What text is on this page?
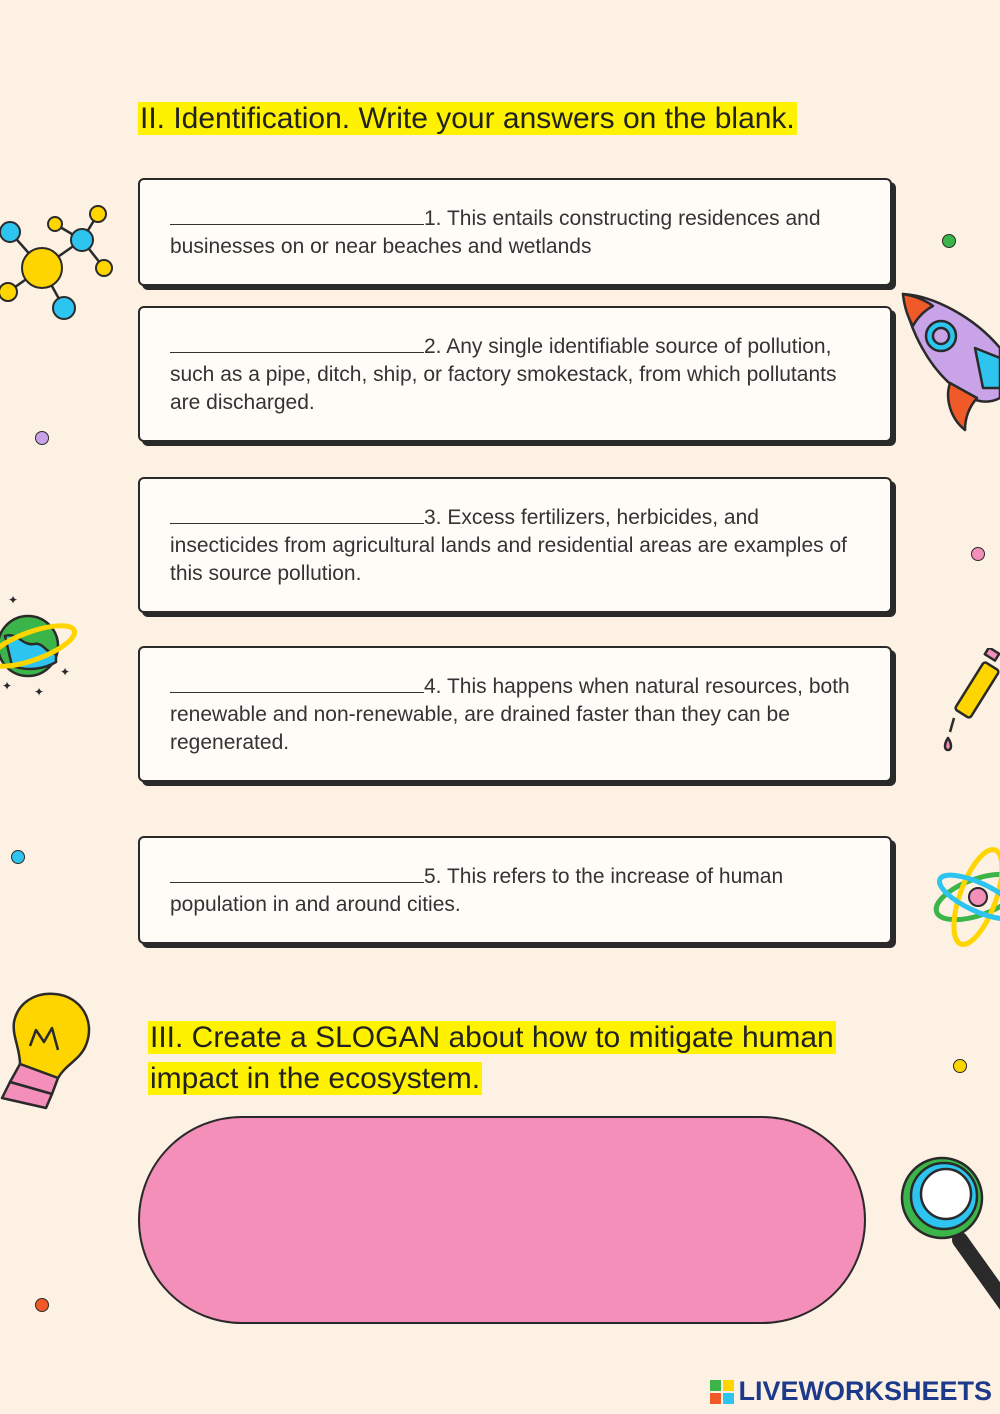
II. Identification. Write your answers on the blank.
1. This entails constructing residences and businesses on or near beaches and wetlands
2. Any single identifiable source of pollution, such as a pipe, ditch, ship, or factory smokestack, from which pollutants are discharged.
3. Excess fertilizers, herbicides, and insecticides from agricultural lands and residential areas are examples of this source pollution.
4. This happens when natural resources, both renewable and non-renewable, are drained faster than they can be regenerated.
5. This refers to the increase of human population in and around cities.
III. Create a SLOGAN about how to mitigate human impact in the ecosystem.
✦
✦
✦
✦
LIVEWORKSHEETS
